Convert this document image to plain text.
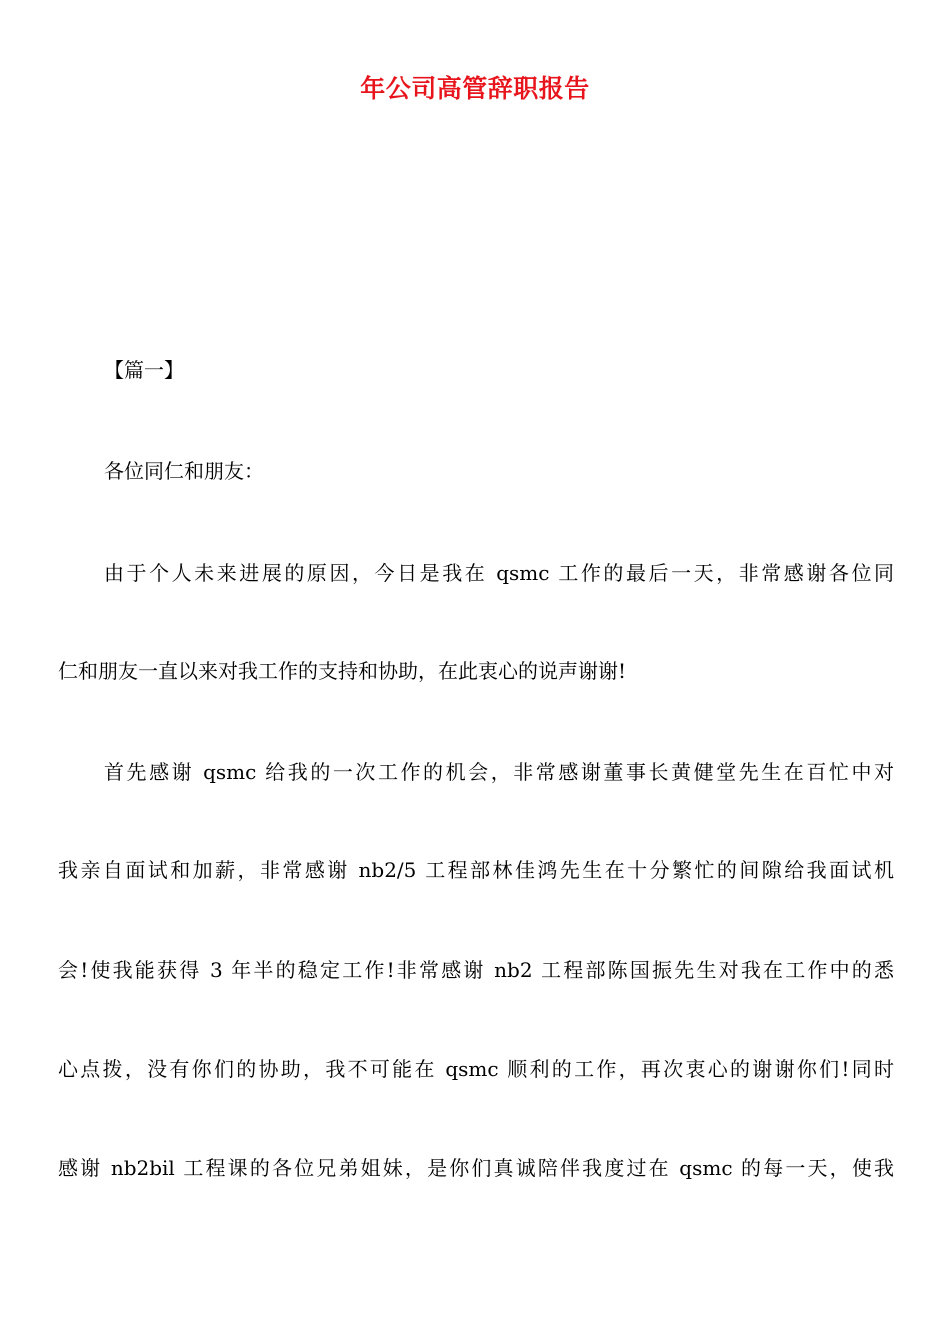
年公司高管辞职报告
【篇一】
各位同仁和朋友：
由于个人未来进展的原因，今日是我在 qsmc 工作的最后一天，非常感谢各位同
仁和朋友一直以来对我工作的支持和协助，在此衷心的说声谢谢!
首先感谢 qsmc 给我的一次工作的机会，非常感谢董事长黄健堂先生在百忙中对
我亲自面试和加薪，非常感谢 nb2/5 工程部林佳鸿先生在十分繁忙的间隙给我面试机
会!使我能获得 3 年半的稳定工作!非常感谢 nb2 工程部陈国振先生对我在工作中的悉
心点拨，没有你们的协助，我不可能在 qsmc 顺利的工作，再次衷心的谢谢你们!同时
感谢 nb2bil 工程课的各位兄弟姐妹，是你们真诚陪伴我度过在 qsmc 的每一天，使我
